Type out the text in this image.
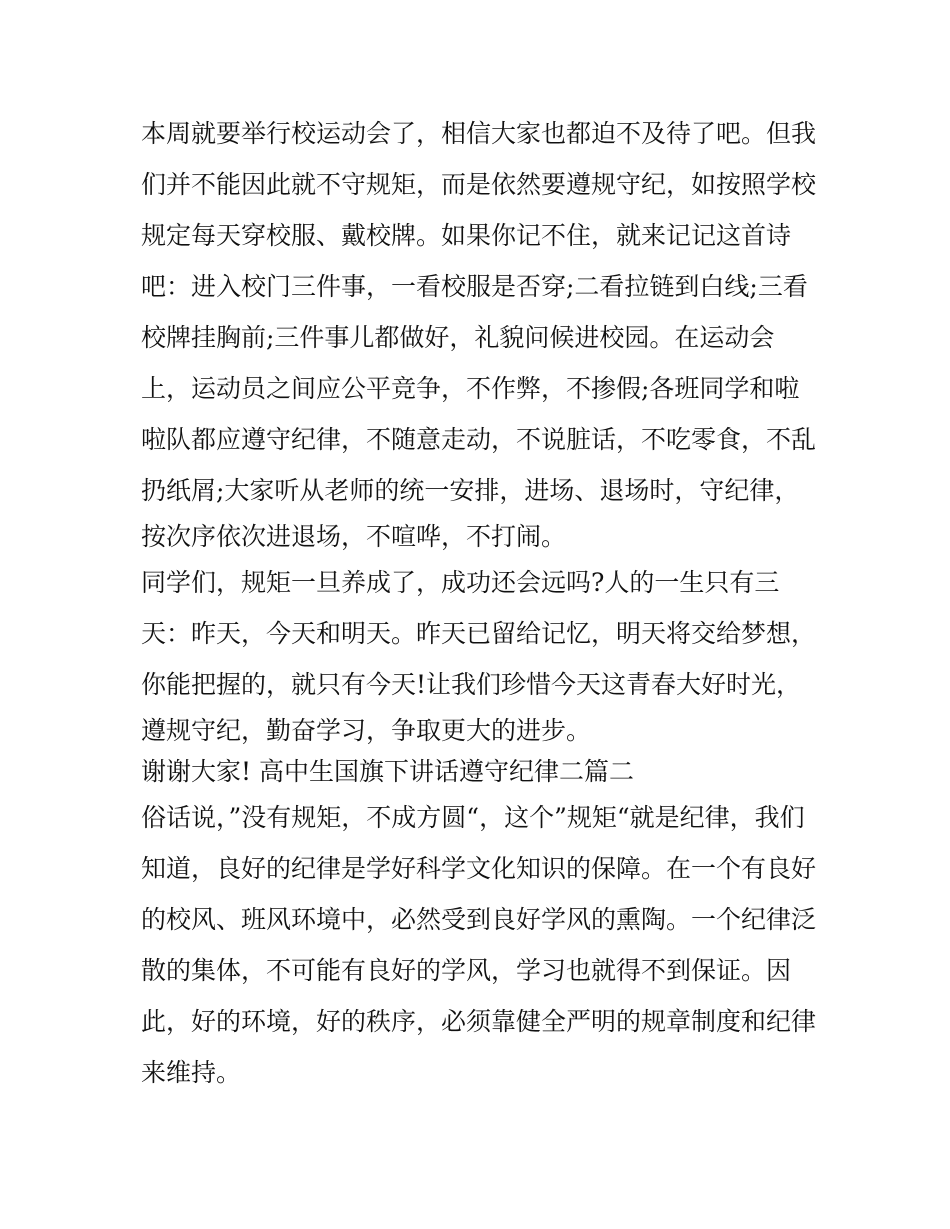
本周就要举行校运动会了，相信大家也都迫不及待了吧。但我
们并不能因此就不守规矩，而是依然要遵规守纪，如按照学校
规定每天穿校服、戴校牌。如果你记不住，就来记记这首诗
吧：进入校门三件事，一看校服是否穿;二看拉链到白线;三看
校牌挂胸前;三件事儿都做好，礼貌问候进校园。在运动会
上，运动员之间应公平竞争，不作弊，不掺假;各班同学和啦
啦队都应遵守纪律，不随意走动，不说脏话，不吃零食，不乱
扔纸屑;大家听从老师的统一安排，进场、退场时，守纪律，
按次序依次进退场，不喧哗，不打闹。
同学们，规矩一旦养成了，成功还会远吗?人的一生只有三
天：昨天，今天和明天。昨天已留给记忆，明天将交给梦想，
你能把握的，就只有今天!让我们珍惜今天这青春大好时光，
遵规守纪，勤奋学习，争取更大的进步。
谢谢大家! 高中生国旗下讲话遵守纪律二篇二
俗话说，”没有规矩，不成方圆“，这个”规矩“就是纪律，我们
知道，良好的纪律是学好科学文化知识的保障。在一个有良好
的校风、班风环境中，必然受到良好学风的熏陶。一个纪律泛
散的集体，不可能有良好的学风，学习也就得不到保证。因
此，好的环境，好的秩序，必须靠健全严明的规章制度和纪律
来维持。
